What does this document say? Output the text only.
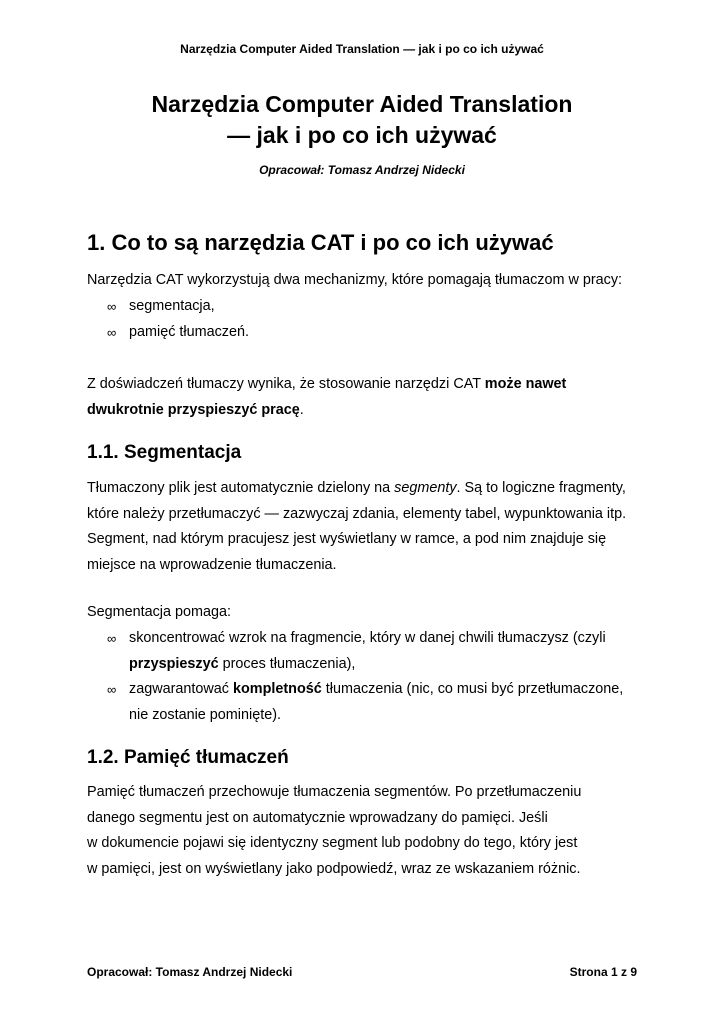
Narzędzia Computer Aided Translation — jak i po co ich używać
Narzędzia Computer Aided Translation
— jak i po co ich używać
Opracował: Tomasz Andrzej Nidecki
1. Co to są narzędzia CAT i po co ich używać

Narzędzia CAT wykorzystują dwa mechanizmy, które pomagają tłumaczom w pracy:

∞ segmentacja,
∞ pamięć tłumaczeń.

Z doświadczeń tłumaczy wynika, że stosowanie narzędzi CAT może nawet
dwukrotnie przyspieszyć pracę.

1.1. Segmentacja

Tłumaczony plik jest automatycznie dzielony na segmenty. Są to logiczne fragmenty,
które należy przetłumaczyć — zazwyczaj zdania, elementy tabel, wypunktowania itp.
Segment, nad którym pracujesz jest wyświetlany w ramce, a pod nim znajduje się
miejsce na wprowadzenie tłumaczenia.

Segmentacja pomaga:

∞ skoncentrować wzrok na fragmencie, który w danej chwili tłumaczysz (czyli
przyspieszyć proces tłumaczenia),
∞ zagwarantować kompletność tłumaczenia (nic, co musi być przetłumaczone,
nie zostanie pominięte).
1.2. Pamięć tłumaczeń

Pamięć tłumaczeń przechowuje tłumaczenia segmentów. Po przetłumaczeniu
danego segmentu jest on automatycznie wprowadzany do pamięci. Jeśli
w dokumencie pojawi się identyczny segment lub podobny do tego, który jest
w pamięci, jest on wyświetlany jako podpowiedź, wraz ze wskazaniem różnic.

Opracował: Tomasz Andrzej Nidecki	Strona 1 z 9
